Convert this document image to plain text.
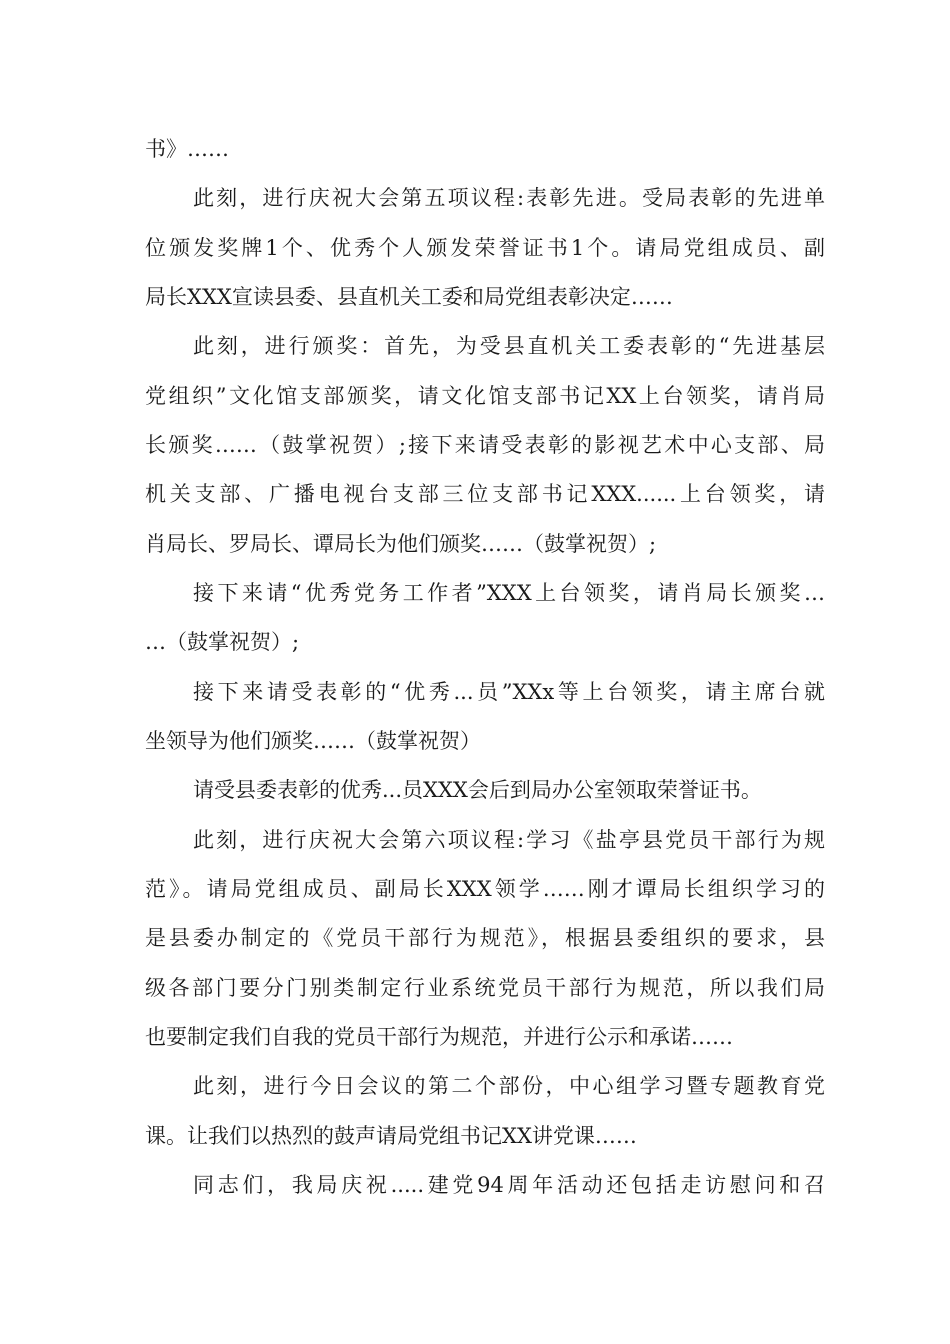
书》……
此刻，进行庆祝大会第五项议程:表彰先进。受局表彰的先进单
位颁发奖牌1个、优秀个人颁发荣誉证书1个。请局党组成员、副
局长XXX宣读县委、县直机关工委和局党组表彰决定……
此刻，进行颁奖：首先，为受县直机关工委表彰的“先进基层
党组织”文化馆支部颁奖，请文化馆支部书记XX上台领奖，请肖局
长颁奖……（鼓掌祝贺）;接下来请受表彰的影视艺术中心支部、局
机关支部、广播电视台支部三位支部书记XXX......上台领奖，请
肖局长、罗局长、谭局长为他们颁奖……（鼓掌祝贺）;
接下来请“优秀党务工作者”XXX上台领奖，请肖局长颁奖…
…（鼓掌祝贺）;
接下来请受表彰的“优秀...员”XXx等上台领奖，请主席台就
坐领导为他们颁奖……（鼓掌祝贺）
请受县委表彰的优秀...员XXX会后到局办公室领取荣誉证书。
此刻，进行庆祝大会第六项议程:学习《盐亭县党员干部行为规
范》。请局党组成员、副局长XXX领学……刚才谭局长组织学习的
是县委办制定的《党员干部行为规范》，根据县委组织的要求，县
级各部门要分门别类制定行业系统党员干部行为规范，所以我们局
也要制定我们自我的党员干部行为规范，并进行公示和承诺……
此刻，进行今日会议的第二个部份，中心组学习暨专题教育党
课。让我们以热烈的鼓声请局党组书记XX讲党课……
同志们，我局庆祝.....建党94周年活动还包括走访慰问和召
